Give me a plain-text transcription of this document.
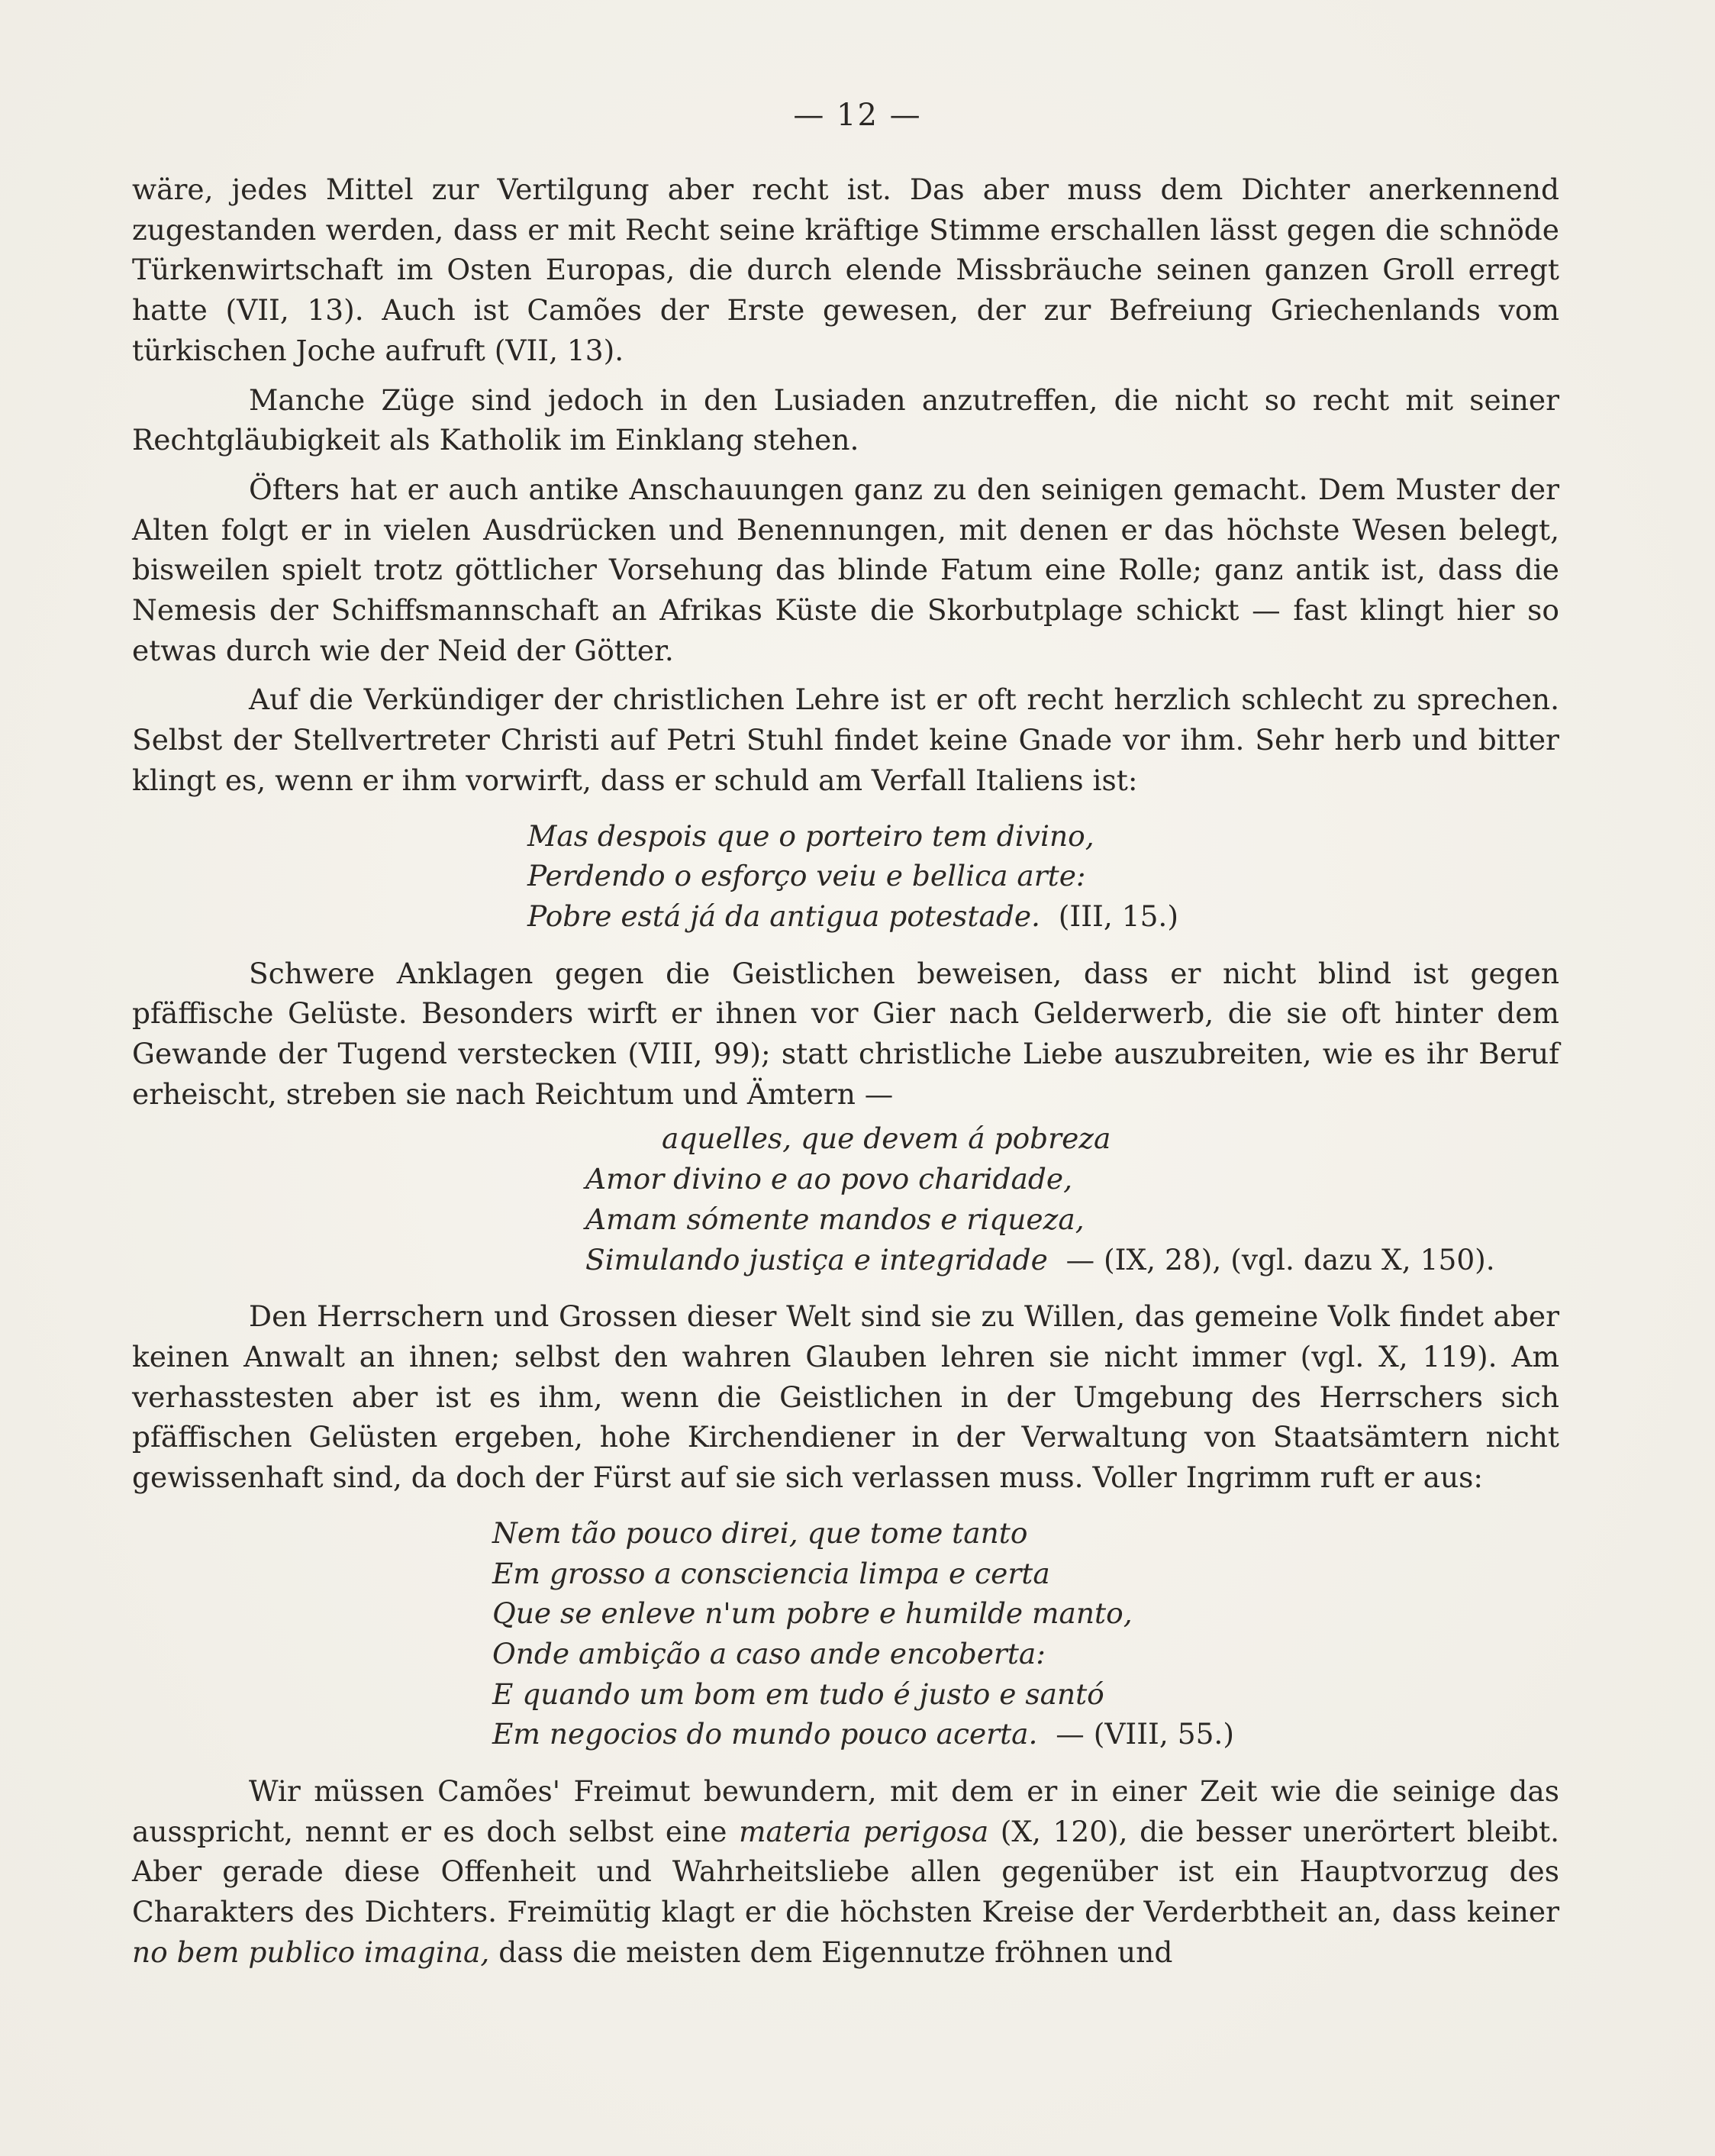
— 12 —

wäre, jedes Mittel zur Vertilgung aber recht ist. Das aber muss dem Dichter anerkennend zugestanden werden, dass er mit Recht seine kräftige Stimme erschallen lässt gegen die schnöde Türkenwirtschaft im Osten Europas, die durch elende Missbräuche seinen ganzen Groll erregt hatte (VII, 13). Auch ist Camões der Erste gewesen, der zur Befreiung Griechenlands vom türkischen Joche aufruft (VII, 13).

Manche Züge sind jedoch in den Lusiaden anzutreffen, die nicht so recht mit seiner Rechtgläubigkeit als Katholik im Einklang stehen.

Öfters hat er auch antike Anschauungen ganz zu den seinigen gemacht. Dem Muster der Alten folgt er in vielen Ausdrücken und Benennungen, mit denen er das höchste Wesen belegt, bisweilen spielt trotz göttlicher Vorsehung das blinde Fatum eine Rolle; ganz antik ist, dass die Nemesis der Schiffsmannschaft an Afrikas Küste die Skorbutplage schickt — fast klingt hier so etwas durch wie der Neid der Götter.

Auf die Verkündiger der christlichen Lehre ist er oft recht herzlich schlecht zu sprechen. Selbst der Stellvertreter Christi auf Petri Stuhl findet keine Gnade vor ihm. Sehr herb und bitter klingt es, wenn er ihm vorwirft, dass er schuld am Verfall Italiens ist:

Mas despois que o porteiro tem divino,
Perdendo o esforço veiu e bellica arte:
Pobre está já da antigua potestade. (III, 15.)

Schwere Anklagen gegen die Geistlichen beweisen, dass er nicht blind ist gegen pfäffische Gelüste. Besonders wirft er ihnen vor Gier nach Gelderwerb, die sie oft hinter dem Gewande der Tugend verstecken (VIII, 99); statt christliche Liebe auszubreiten, wie es ihr Beruf erheischt, streben sie nach Reichtum und Ämtern —

aquelles, que devem á pobreza
Amor divino e ao povo charidade,
Amam sómente mandos e riqueza,
Simulando justiça e integridade — (IX, 28), (vgl. dazu X, 150).

Den Herrschern und Grossen dieser Welt sind sie zu Willen, das gemeine Volk findet aber keinen Anwalt an ihnen; selbst den wahren Glauben lehren sie nicht immer (vgl. X, 119). Am verhasstesten aber ist es ihm, wenn die Geistlichen in der Umgebung des Herrschers sich pfäffischen Gelüsten ergeben, hohe Kirchendiener in der Verwaltung von Staatsämtern nicht gewissenhaft sind, da doch der Fürst auf sie sich verlassen muss. Voller Ingrimm ruft er aus:

Nem tão pouco direi, que tome tanto
Em grosso a consciencia limpa e certa
Que se enleve n'um pobre e humilde manto,
Onde ambição a caso ande encoberta:
E quando um bom em tudo é justo e santó
Em negocios do mundo pouco acerta. — (VIII, 55.)

Wir müssen Camões' Freimut bewundern, mit dem er in einer Zeit wie die seinige das ausspricht, nennt er es doch selbst eine materia perigosa (X, 120), die besser unerörtert bleibt. Aber gerade diese Offenheit und Wahrheitsliebe allen gegenüber ist ein Hauptvorzug des Charakters des Dichters. Freimütig klagt er die höchsten Kreise der Verderbtheit an, dass keiner no bem publico imagina, dass die meisten dem Eigennutze fröhnen und
